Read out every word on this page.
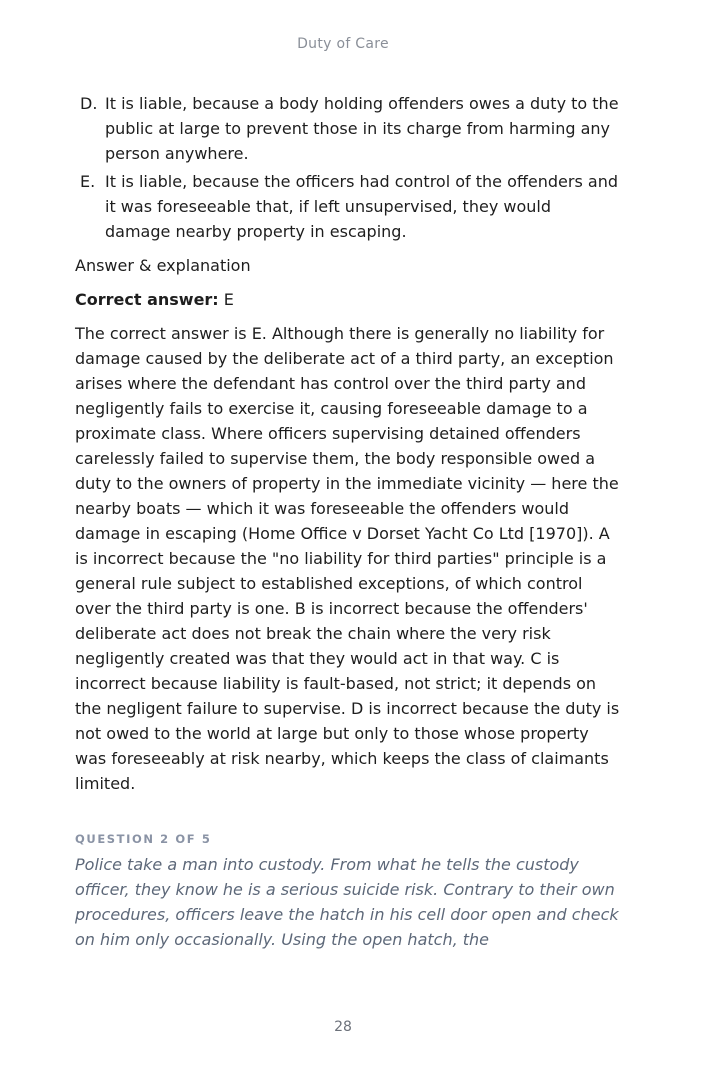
Duty of Care
D. It is liable, because a body holding offenders owes a duty to the public at large to prevent those in its charge from harming any person anywhere.
E. It is liable, because the officers had control of the offenders and it was foreseeable that, if left unsupervised, they would damage nearby property in escaping.
Answer & explanation
Correct answer: E

The correct answer is E. Although there is generally no liability for damage caused by the deliberate act of a third party, an exception arises where the defendant has control over the third party and negligently fails to exercise it, causing foreseeable damage to a proximate class. Where officers supervising detained offenders carelessly failed to supervise them, the body responsible owed a duty to the owners of property in the immediate vicinity — here the nearby boats — which it was foreseeable the offenders would damage in escaping (Home Office v Dorset Yacht Co Ltd [1970]). A is incorrect because the "no liability for third parties" principle is a general rule subject to established exceptions, of which control over the third party is one. B is incorrect because the offenders' deliberate act does not break the chain where the very risk negligently created was that they would act in that way. C is incorrect because liability is fault-based, not strict; it depends on the negligent failure to supervise. D is incorrect because the duty is not owed to the world at large but only to those whose property was foreseeably at risk nearby, which keeps the class of claimants limited.

QUESTION 2 OF 5
Police take a man into custody. From what he tells the custody officer, they know he is a serious suicide risk. Contrary to their own procedures, officers leave the hatch in his cell door open and check on him only occasionally. Using the open hatch, the
28
